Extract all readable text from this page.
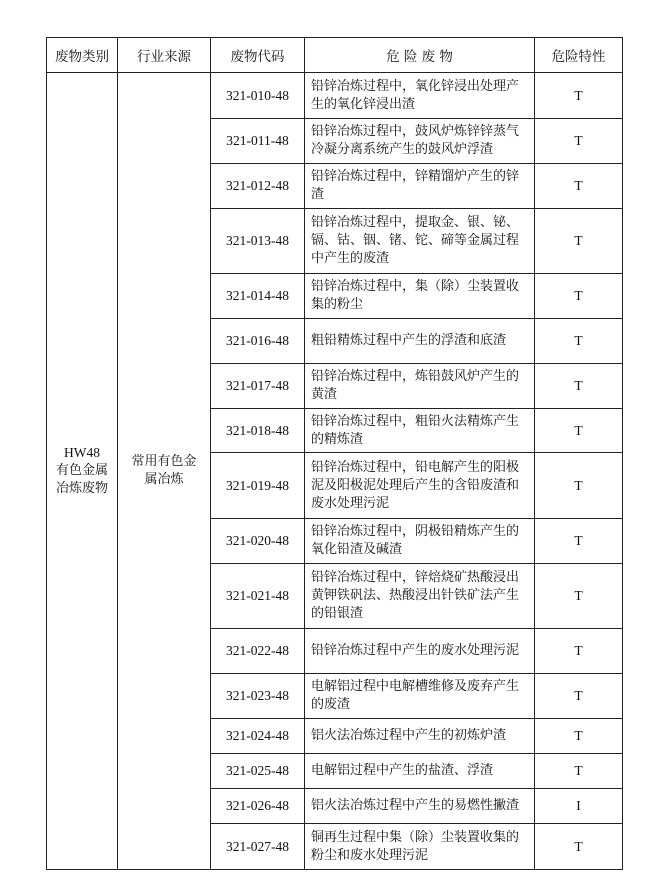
废物类别	行业来源	废物代码	危 险 废 物	危险特性

HW48
有色金属冶炼废物	常用有色金属冶炼	321-010-48	铅锌冶炼过程中，氧化锌浸出处理产生的氧化锌浸出渣	T
		321-011-48	铅锌冶炼过程中，鼓风炉炼锌锌蒸气冷凝分离系统产生的鼓风炉浮渣	T
		321-012-48	铅锌冶炼过程中，锌精馏炉产生的锌渣	T
		321-013-48	铅锌冶炼过程中，提取金、银、铋、镉、钴、铟、锗、铊、碲等金属过程中产生的废渣	T
		321-014-48	铅锌冶炼过程中，集（除）尘装置收集的粉尘	T
		321-016-48	粗铅精炼过程中产生的浮渣和底渣	T
		321-017-48	铅锌冶炼过程中，炼铅鼓风炉产生的黄渣	T
		321-018-48	铅锌冶炼过程中，粗铅火法精炼产生的精炼渣	T
		321-019-48	铅锌冶炼过程中，铅电解产生的阳极泥及阳极泥处理后产生的含铅废渣和废水处理污泥	T
		321-020-48	铅锌冶炼过程中，阴极铅精炼产生的氧化铅渣及碱渣	T
		321-021-48	铅锌冶炼过程中，锌焙烧矿热酸浸出黄钾铁矾法、热酸浸出针铁矿法产生的铅银渣	T
		321-022-48	铅锌冶炼过程中产生的废水处理污泥	T
		321-023-48	电解铝过程中电解槽维修及废弃产生的废渣	T
		321-024-48	铝火法冶炼过程中产生的初炼炉渣	T
		321-025-48	电解铝过程中产生的盐渣、浮渣	T
		321-026-48	铝火法冶炼过程中产生的易燃性撇渣	I
		321-027-48	铜再生过程中集（除）尘装置收集的粉尘和废水处理污泥	T
